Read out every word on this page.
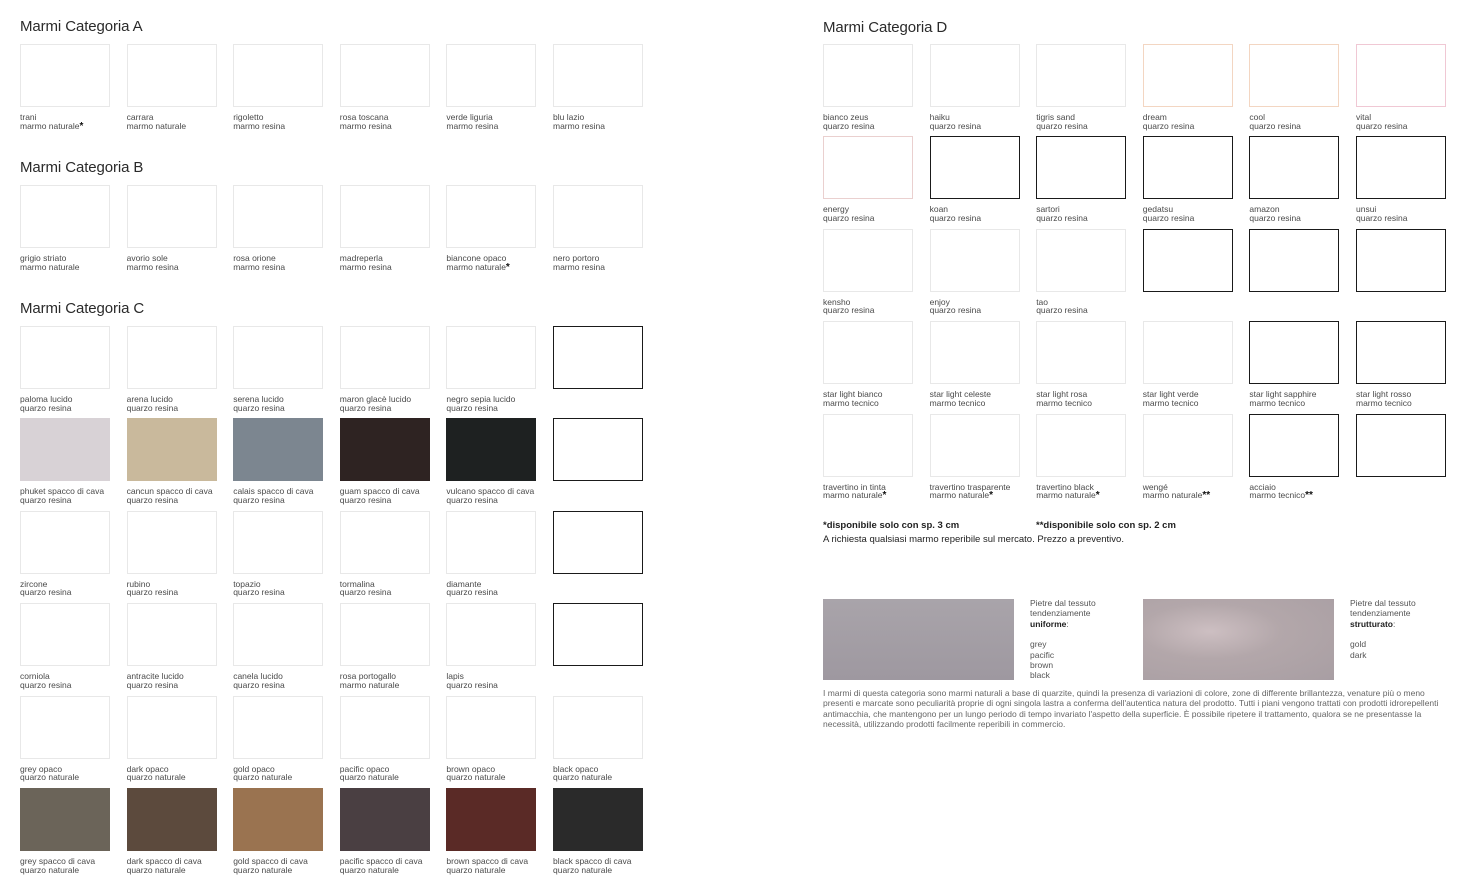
Marmi Categoria A
trani
marmo naturale*
carrara
marmo naturale
rigoletto
marmo resina
rosa toscana
marmo resina
verde liguria
marmo resina
blu lazio
marmo resina
Marmi Categoria B
grigio striato
marmo naturale
avorio sole
marmo resina
rosa orione
marmo resina
madreperla
marmo resina
biancone opaco
marmo naturale*
nero portoro
marmo resina
Marmi Categoria C
paloma lucido
quarzo resina
arena lucido
quarzo resina
serena lucido
quarzo resina
maron glacè lucido
quarzo resina
negro sepia lucido
quarzo resina
phuket spacco di cava
quarzo resina
cancun spacco di cava
quarzo resina
calais spacco di cava
quarzo resina
guam spacco di cava
quarzo resina
vulcano spacco di cava
quarzo resina
zircone
quarzo resina
rubino
quarzo resina
topazio
quarzo resina
tormalina
quarzo resina
diamante
quarzo resina
corniola
quarzo resina
antracite lucido
quarzo resina
canela lucido
quarzo resina
rosa portogallo
marmo naturale
lapis
quarzo resina
grey opaco
quarzo naturale
dark opaco
quarzo naturale
gold opaco
quarzo naturale
pacific opaco
quarzo naturale
brown opaco
quarzo naturale
black opaco
quarzo naturale
grey spacco di cava
quarzo naturale
dark spacco di cava
quarzo naturale
gold spacco di cava
quarzo naturale
pacific spacco di cava
quarzo naturale
brown spacco di cava
quarzo naturale
black spacco di cava
quarzo naturale
Marmi Categoria D
bianco zeus
quarzo resina
haiku
quarzo resina
tigris sand
quarzo resina
dream
quarzo resina
cool
quarzo resina
vital
quarzo resina
energy
quarzo resina
koan
quarzo resina
sartori
quarzo resina
gedatsu
quarzo resina
amazon
quarzo resina
unsui
quarzo resina
kensho
quarzo resina
enjoy
quarzo resina
tao
quarzo resina
star light bianco
marmo tecnico
star light celeste
marmo tecnico
star light rosa
marmo tecnico
star light verde
marmo tecnico
star light sapphire
marmo tecnico
star light rosso
marmo tecnico
travertino in tinta
marmo naturale*
travertino trasparente
marmo naturale*
travertino black
marmo naturale*
wengé
marmo naturale**
acciaio
marmo tecnico**
*disponibile solo con sp. 3 cm	**disponibile solo con sp. 2 cm
A richiesta qualsiasi marmo reperibile sul mercato. Prezzo a preventivo.
Pietre dal tessuto
tendenziamente
uniforme:
grey
pacific
brown
black
Pietre dal tessuto
tendenziamente
strutturato:
gold
dark
I marmi di questa categoria sono marmi naturali a base di quarzite, quindi la presenza di variazioni di colore, zone di differente brillantezza, venature più o meno presenti e marcate sono peculiarità proprie di ogni singola lastra a conferma dell'autentica natura del prodotto. Tutti i piani vengono trattati con prodotti idrorepellenti antimacchia, che mantengono per un lungo periodo di tempo invariato l'aspetto della superficie. È possibile ripetere il trattamento, qualora se ne presentasse la necessità, utilizzando prodotti facilmente reperibili in commercio.
